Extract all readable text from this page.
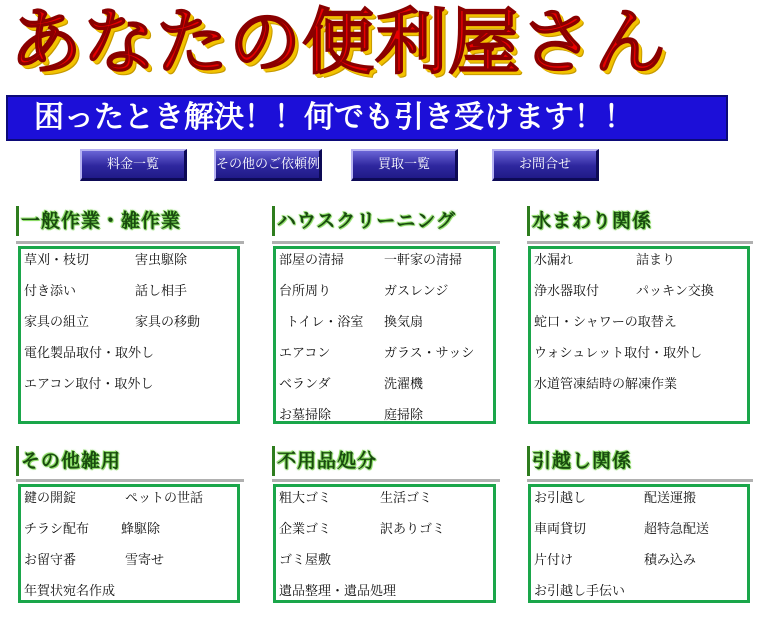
あなたの便利屋さん
困ったとき解決！！何でも引き受けます！！
料金一覧	その他のご依頼例	買取一覧	お問合せ
一般作業・雑作業
草刈・枝切	害虫駆除
付き添い	話し相手
家具の組立	家具の移動
電化製品取付・取外し
エアコン取付・取外し
ハウスクリーニング
部屋の清掃	一軒家の清掃
台所周り	ガスレンジ
トイレ・浴室 換気扇
エアコン	ガラス・サッシ
ベランダ	洗濯機
お墓掃除	庭掃除
水まわり関係
水漏れ	詰まり
浄水器取付	パッキン交換
蛇口・シャワーの取替え
ウォシュレット取付・取外し
水道管凍結時の解凍作業
その他雑用
鍵の開錠	ペットの世話
チラシ配布 蜂駆除
お留守番	雪寄せ
年賀状宛名作成
不用品処分
粗大ゴミ	生活ゴミ
企業ゴミ	訳ありゴミ
ゴミ屋敷
遺品整理・遺品処理
引越し関係
お引越し	配送運搬
車両貸切	超特急配送
片付け	積み込み
お引越し手伝い
